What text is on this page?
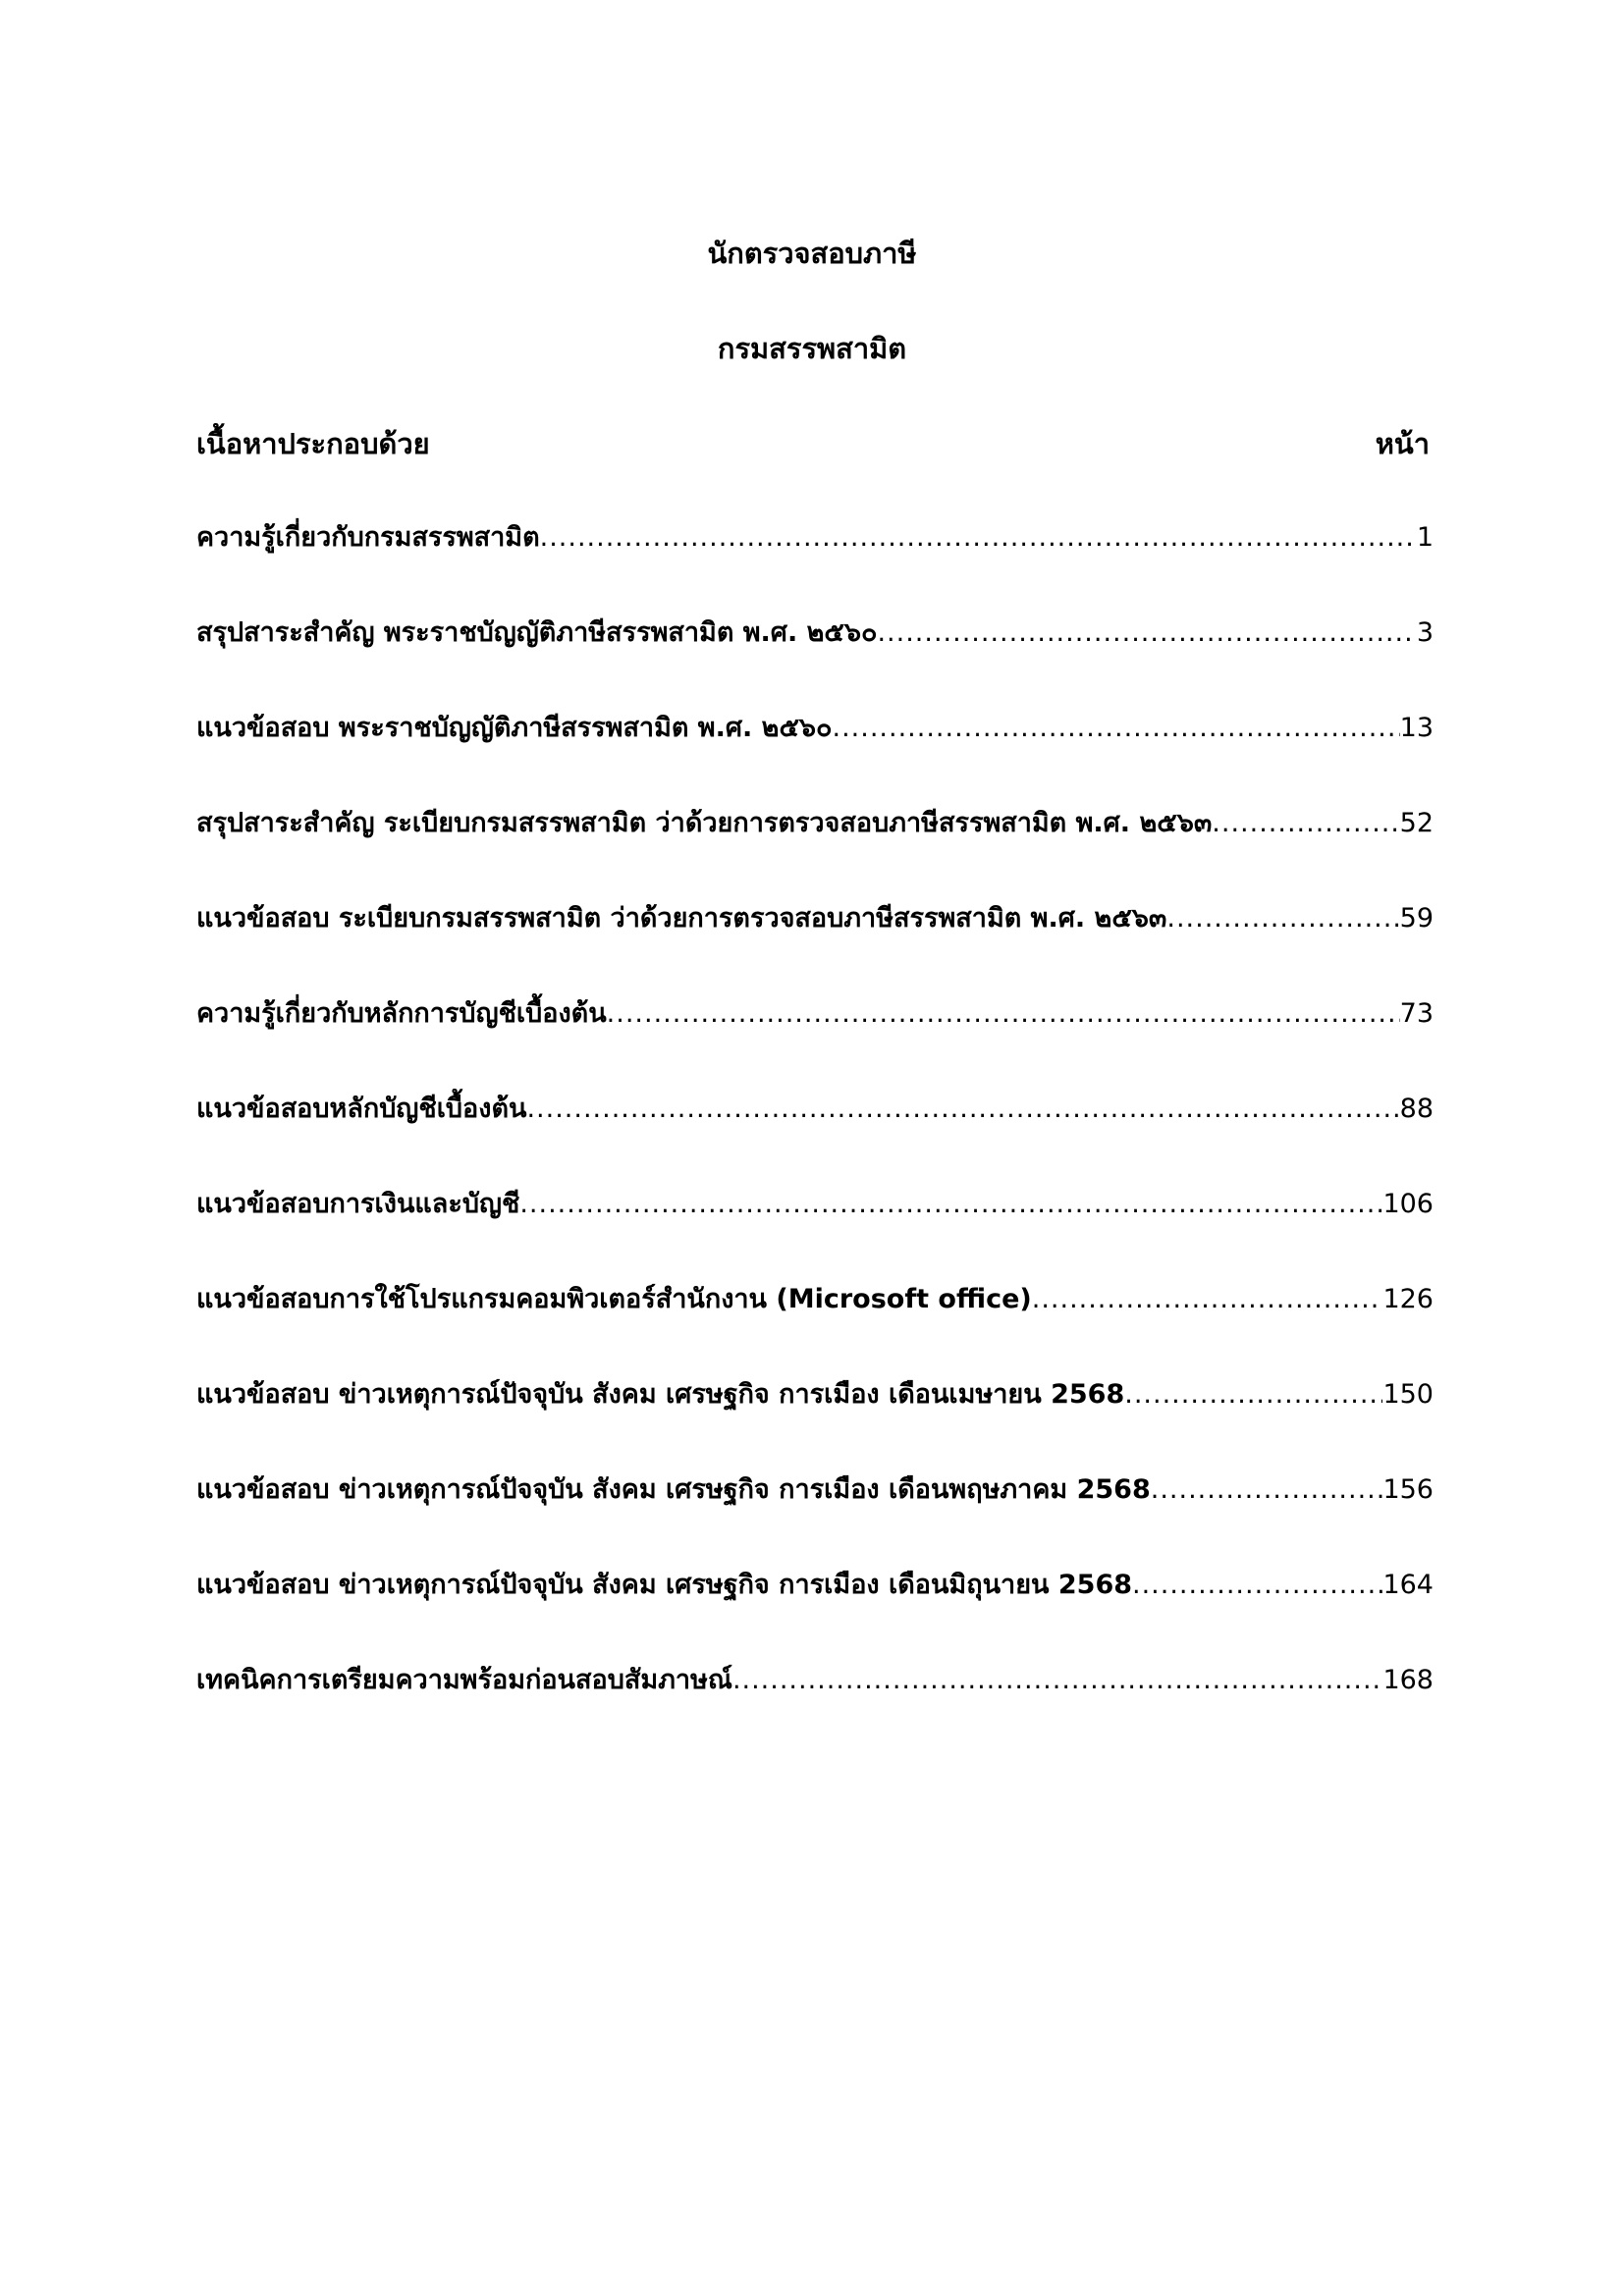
นักตรวจสอบภาษี
กรมสรรพสามิต
เนื้อหาประกอบด้วย	หน้า
ความรู้เกี่ยวกับกรมสรรพสามิต .....	1
สรุปสาระสำคัญ พระราชบัญญัติภาษีสรรพสามิต พ.ศ. ๒๕๖๐ .....	3
แนวข้อสอบ พระราชบัญญัติภาษีสรรพสามิต พ.ศ. ๒๕๖๐ .....	13
สรุปสาระสำคัญ ระเบียบกรมสรรพสามิต ว่าด้วยการตรวจสอบภาษีสรรพสามิต พ.ศ. ๒๕๖๓ .....	52
แนวข้อสอบ ระเบียบกรมสรรพสามิต ว่าด้วยการตรวจสอบภาษีสรรพสามิต พ.ศ. ๒๕๖๓ .....	59
ความรู้เกี่ยวกับหลักการบัญชีเบื้องต้น .....	73
แนวข้อสอบหลักบัญชีเบื้องต้น .....	88
แนวข้อสอบการเงินและบัญชี .....	106
แนวข้อสอบการใช้โปรแกรมคอมพิวเตอร์สำนักงาน (Microsoft office) .....	126
แนวข้อสอบ ข่าวเหตุการณ์ปัจจุบัน สังคม เศรษฐกิจ การเมือง เดือนเมษายน 2568 .....	150
แนวข้อสอบ ข่าวเหตุการณ์ปัจจุบัน สังคม เศรษฐกิจ การเมือง เดือนพฤษภาคม 2568 .....	156
แนวข้อสอบ ข่าวเหตุการณ์ปัจจุบัน สังคม เศรษฐกิจ การเมือง เดือนมิถุนายน 2568 .....	164
เทคนิคการเตรียมความพร้อมก่อนสอบสัมภาษณ์ .....	168
